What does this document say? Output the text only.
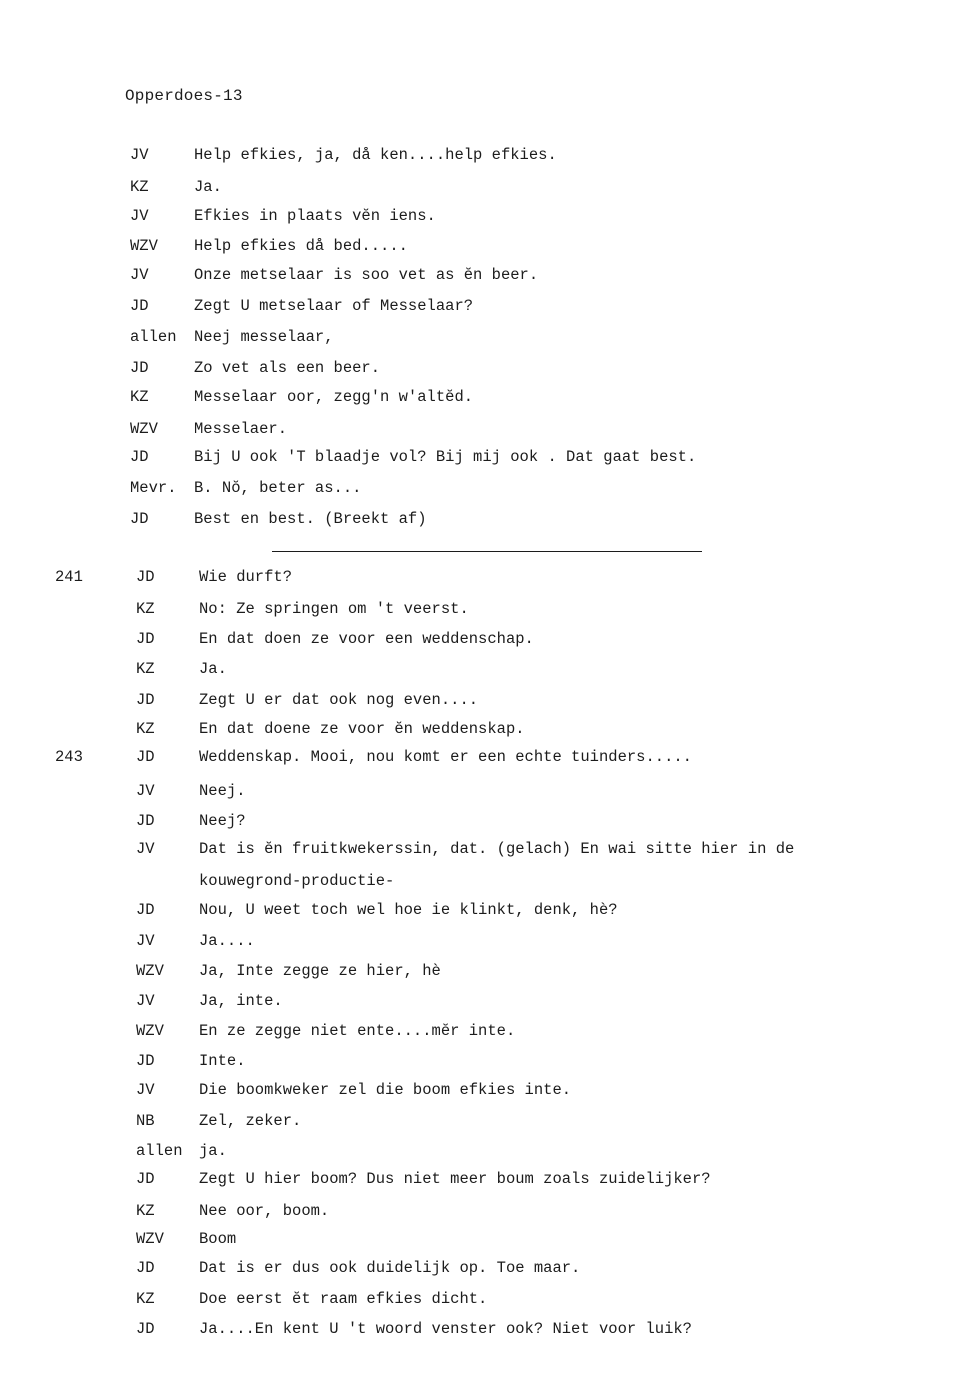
Opperdoes-13
JV	Help efkies, ja, då ken....help efkies.
KZ	Ja.
JV	Efkies in plaats vĕn iens.
WZV	Help efkies då bed.....
JV	Onze metselaar is soo vet as ĕn beer.
JD	Zegt U metselaar of Messelaar?
allen	Neej messelaar,
JD	Zo vet als een beer.
KZ	Messelaar oor, zegg'n w'altĕd.
WZV	Messelaer.
JD	Bij U ook 'T blaadje vol? Bij mij ook . Dat gaat best.
Mevr.	B. Nŏ, beter as...
JD	Best en best. (Breekt af)
241	JD	Wie durft?
KZ	No: Ze springen om 't veerst.
JD	En dat doen ze voor een weddenschap.
KZ	Ja.
JD	Zegt U er dat ook nog even....
KZ	En dat doene ze voor ĕn weddenskap.
243	JD	Weddenskap. Mooi, nou komt er een echte tuinders.....
JV	Neej.
JD	Neej?
JV	Dat is ĕn fruitkwekerssin, dat. (gelach) En wai sitte hier in de
kouwegrond-productie-
JD	Nou, U weet toch wel hoe ie klinkt, denk, hè?
JV	Ja....
WZV	Ja, Inte zegge ze hier, hè
JV	Ja, inte.
WZV	En ze zegge niet ente....mĕr inte.
JD	Inte.
JV	Die boomkweker zel die boom efkies inte.
NB	Zel, zeker.
allen	ja.
JD	Zegt U hier boom? Dus niet meer boum zoals zuidelijker?
KZ	Nee oor, boom.
WZV	Boom
JD	Dat is er dus ook duidelijk op. Toe maar.
KZ	Doe eerst ĕt raam efkies dicht.
JD	Ja....En kent U 't woord venster ook? Niet voor luik?
